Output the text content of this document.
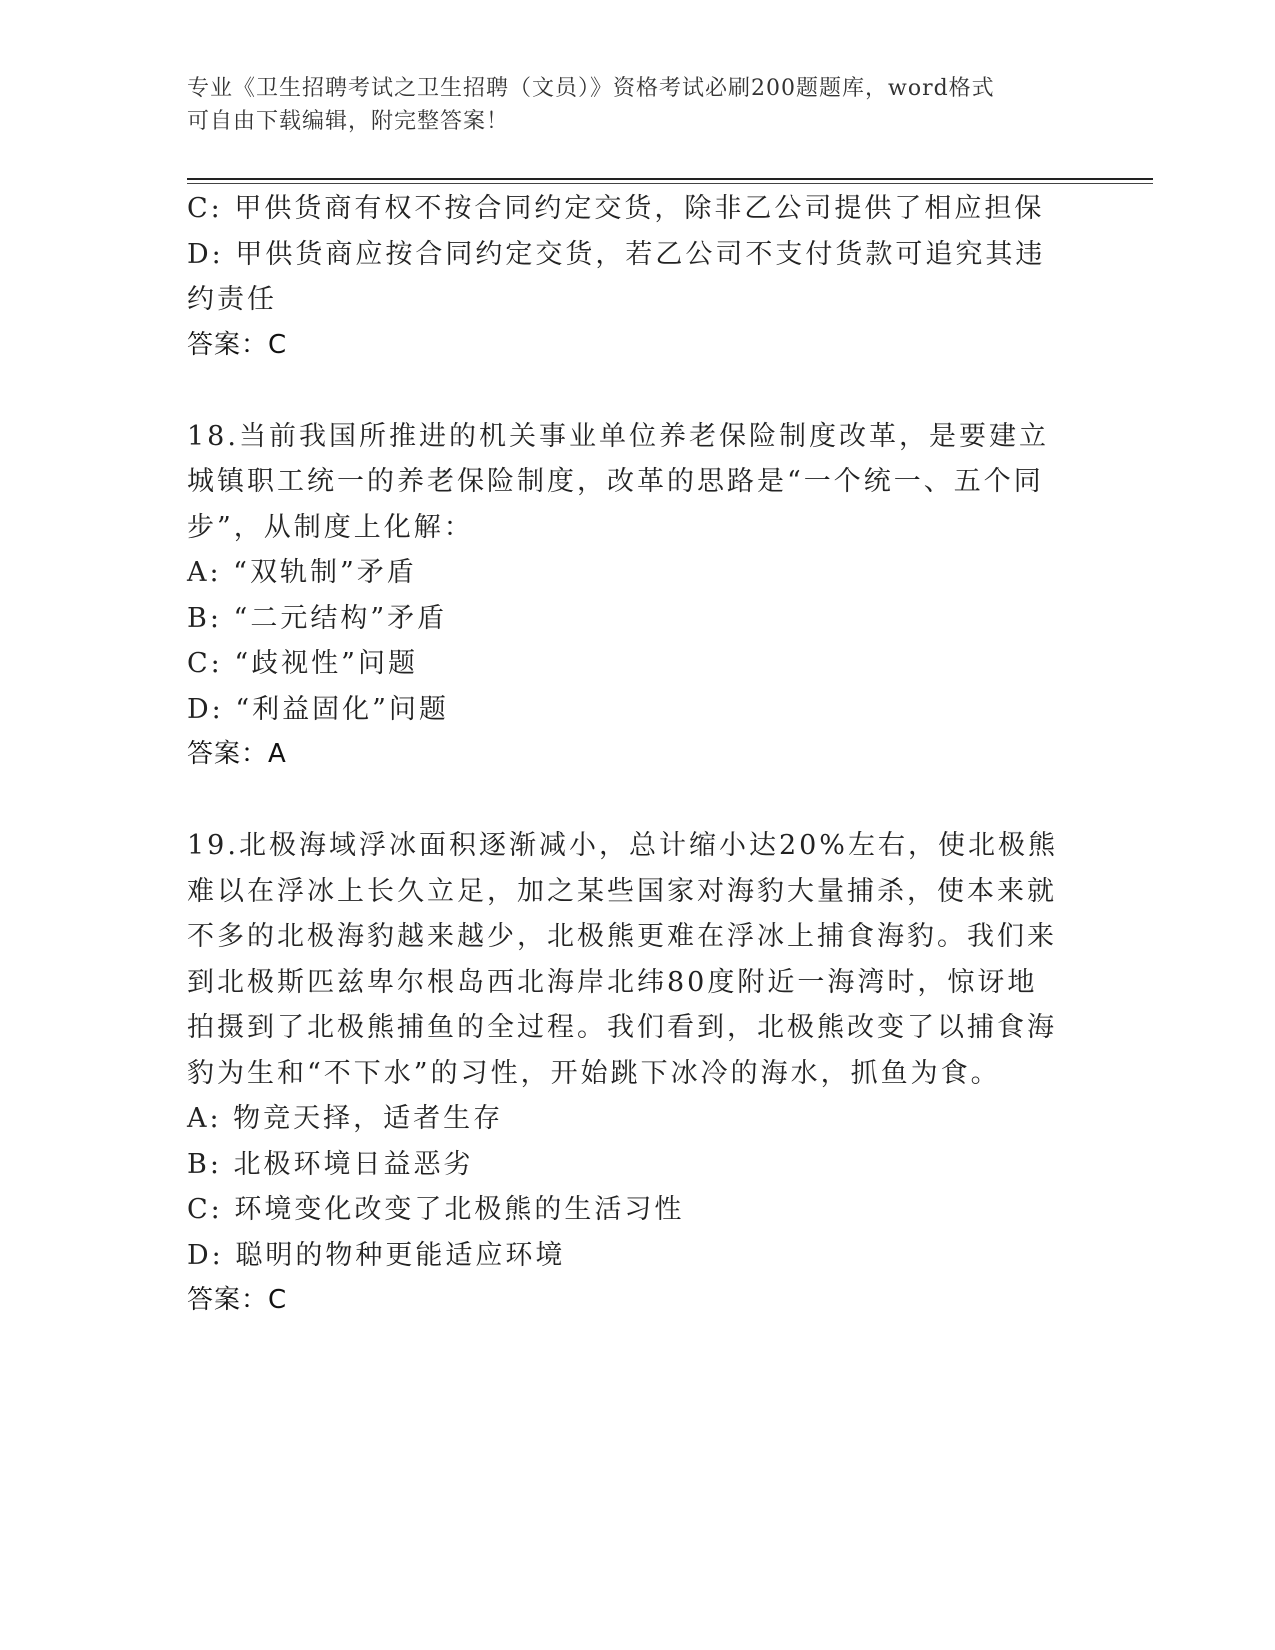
专业《卫生招聘考试之卫生招聘（文员）》资格考试必刷200题题库，word格式
可自由下载编辑，附完整答案！

C: 甲供货商有权不按合同约定交货，除非乙公司提供了相应担保

D: 甲供货商应按合同约定交货，若乙公司不支付货款可追究其违约责任

答案：C

18.当前我国所推进的机关事业单位养老保险制度改革，是要建立城镇职工统一的养老保险制度，改革的思路是“一个统一、五个同步”，从制度上化解：

A: “双轨制”矛盾

B: “二元结构”矛盾

C: “歧视性”问题

D: “利益固化”问题

答案：A

19.北极海域浮冰面积逐渐减小，总计缩小达20%左右，使北极熊难以在浮冰上长久立足，加之某些国家对海豹大量捕杀，使本来就不多的北极海豹越来越少，北极熊更难在浮冰上捕食海豹。我们来到北极斯匹兹卑尔根岛西北海岸北纬80度附近一海湾时，惊讶地拍摄到了北极熊捕鱼的全过程。我们看到，北极熊改变了以捕食海豹为生和“不下水”的习性，开始跳下冰冷的海水，抓鱼为食。

A: 物竞天择，适者生存

B: 北极环境日益恶劣

C: 环境变化改变了北极熊的生活习性

D: 聪明的物种更能适应环境

答案：C
